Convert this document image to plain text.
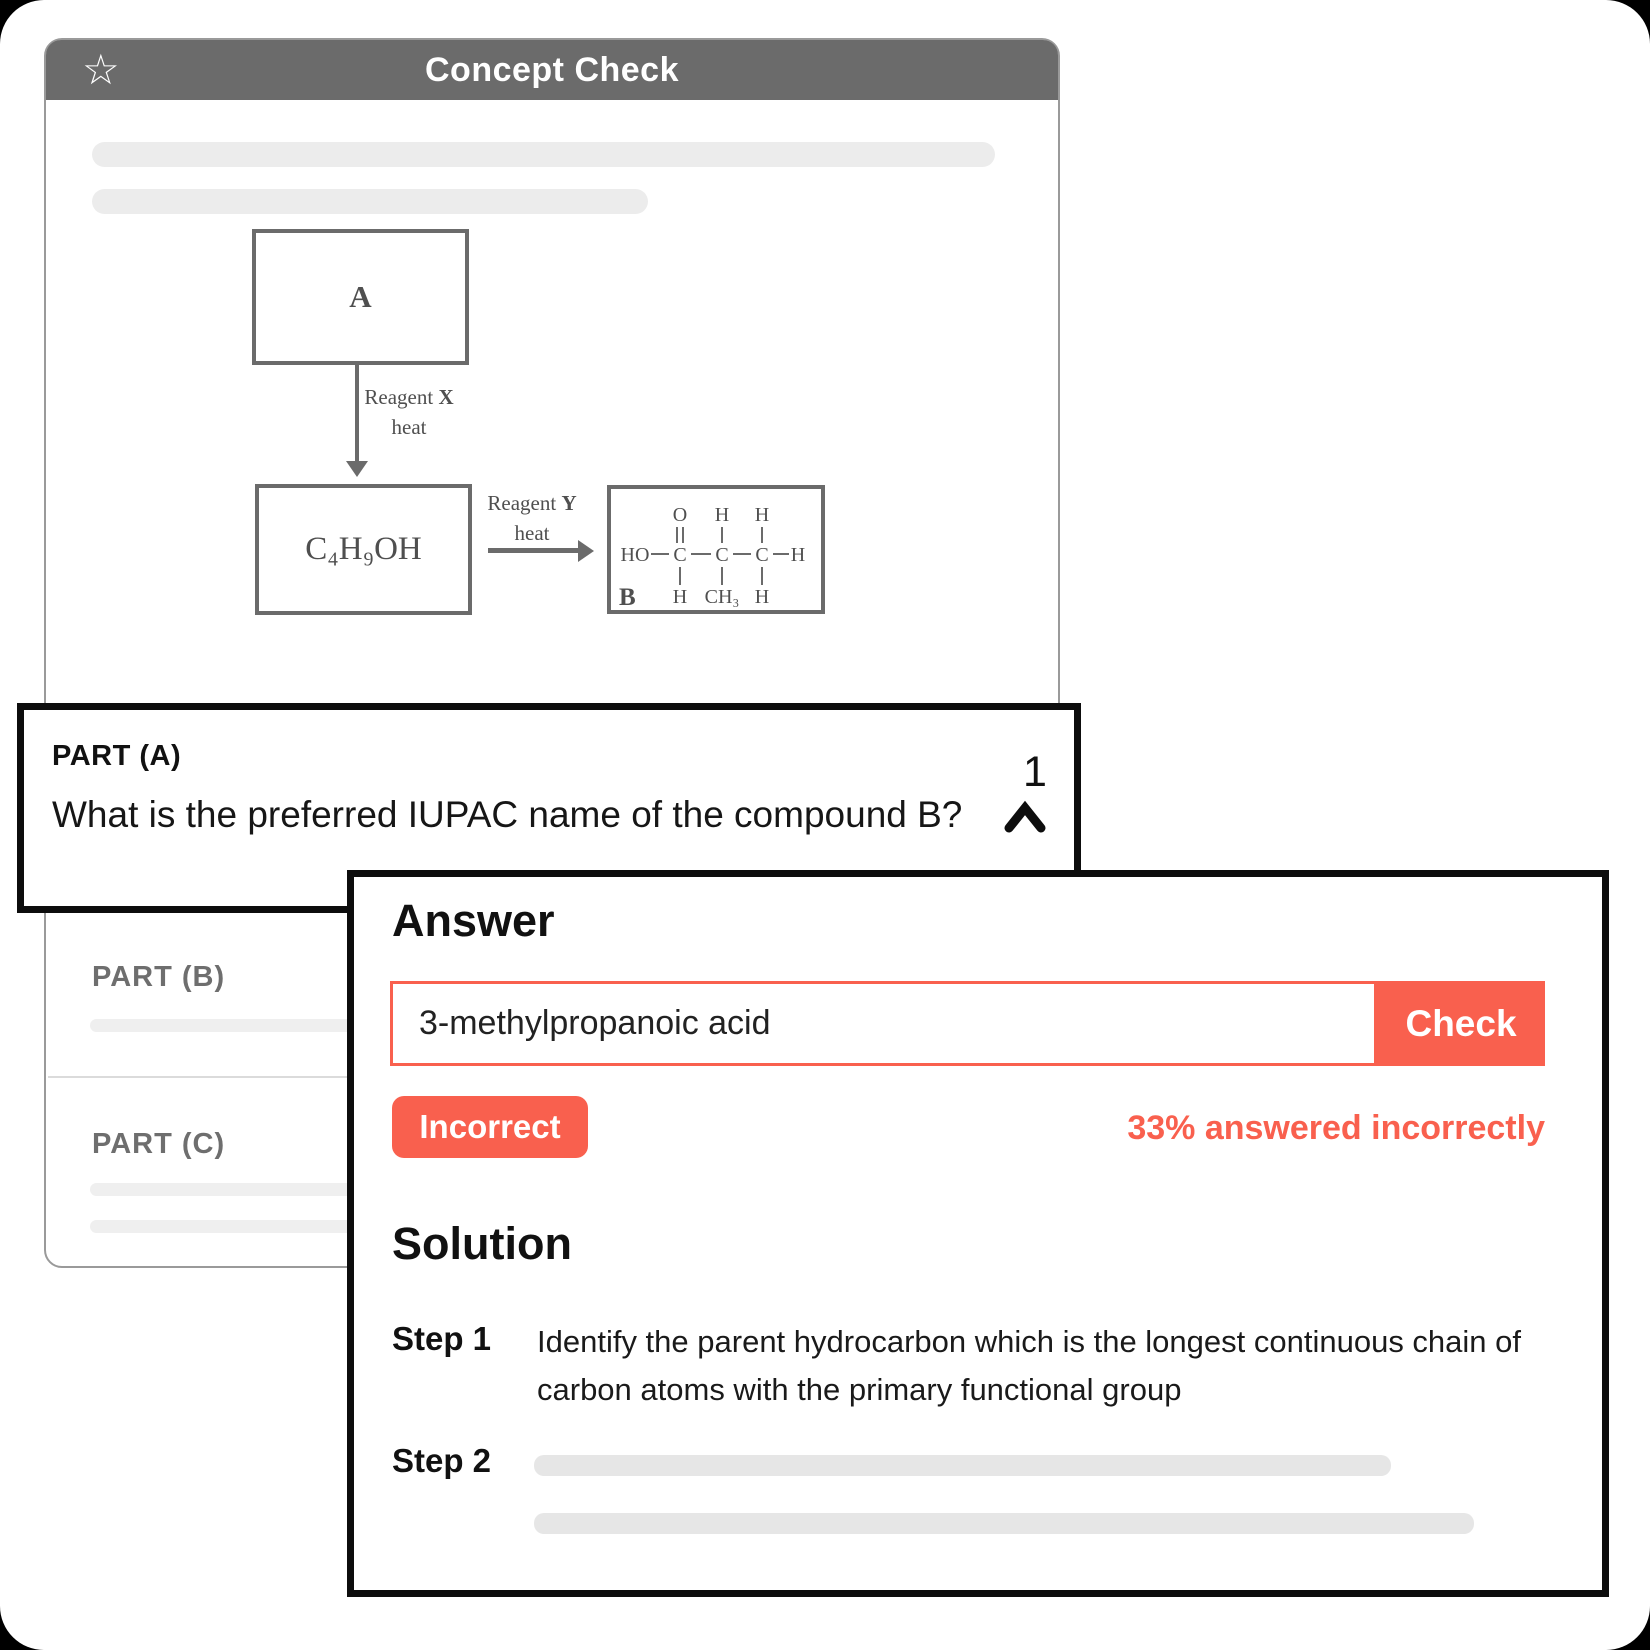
☆	Concept Check
A
Reagent X
heat
C₄H₉OH
Reagent Y
heat
HO C C C H
O H H
H CH₃ H
B
PART (B)
PART (C)
PART (A)
What is the preferred IUPAC name of the compound B?
1
Answer
3-methylpropanoic acid
Check
Incorrect	33% answered incorrectly
Solution
Step 1 Identify the parent hydrocarbon which is the longest continuous chain of carbon atoms with the primary functional group
Step 2
